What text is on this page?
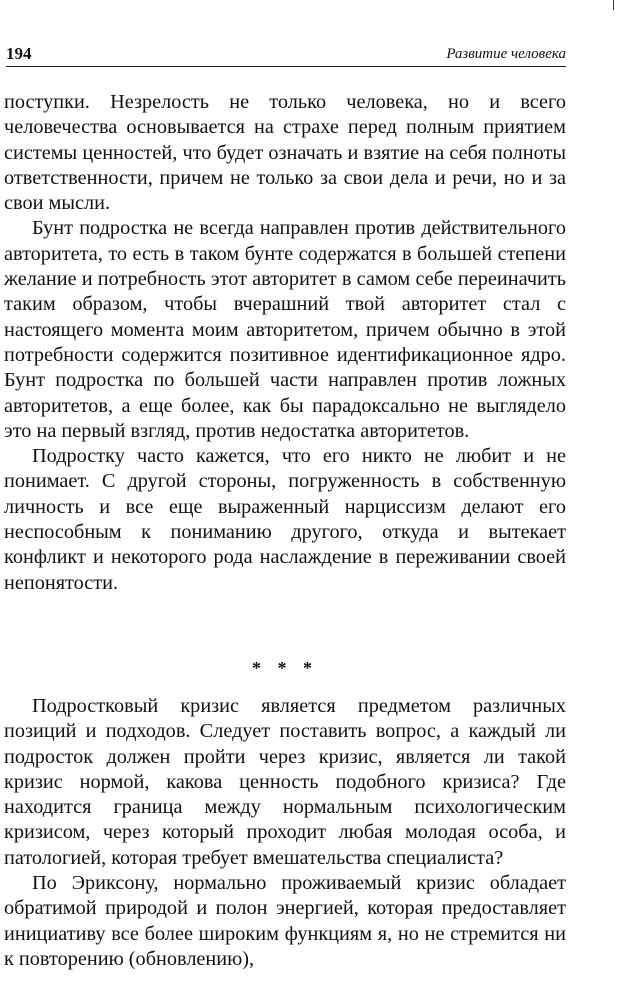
194	Развитие человека

поступки. Незрелость не только человека, но и всего человечества основывается на страхе перед полным приятием системы ценностей, что будет означать и взятие на себя полноты ответственности, причем не только за свои дела и речи, но и за свои мысли.

Бунт подростка не всегда направлен против действительного авторитета, то есть в таком бунте содержатся в большей степени желание и потребность этот авторитет в самом себе переиначить таким образом, чтобы вчерашний твой авторитет стал с настоящего момента моим авторитетом, причем обычно в этой потребности содержится позитивное идентификационное ядро. Бунт подростка по большей части направлен против ложных авторитетов, а еще более, как бы парадоксально не выглядело это на первый взгляд, против недостатка авторитетов.

Подростку часто кажется, что его никто не любит и не понимает. С другой стороны, погруженность в собственную личность и все еще выраженный нарциссизм делают его неспособным к пониманию другого, откуда и вытекает конфликт и некоторого рода наслаждение в переживании своей непонятости.

* * *

Подростковый кризис является предметом различных позиций и подходов. Следует поставить вопрос, а каждый ли подросток должен пройти через кризис, является ли такой кризис нормой, какова ценность подобного кризиса? Где находится граница между нормальным психологическим кризисом, через который проходит любая молодая особа, и патологией, которая требует вмешательства специалиста?

По Эриксону, нормально проживаемый кризис обладает обратимой природой и полон энергией, которая предоставляет инициативу все более широким функциям я, но не стремится ни к повторению (обновлению),
